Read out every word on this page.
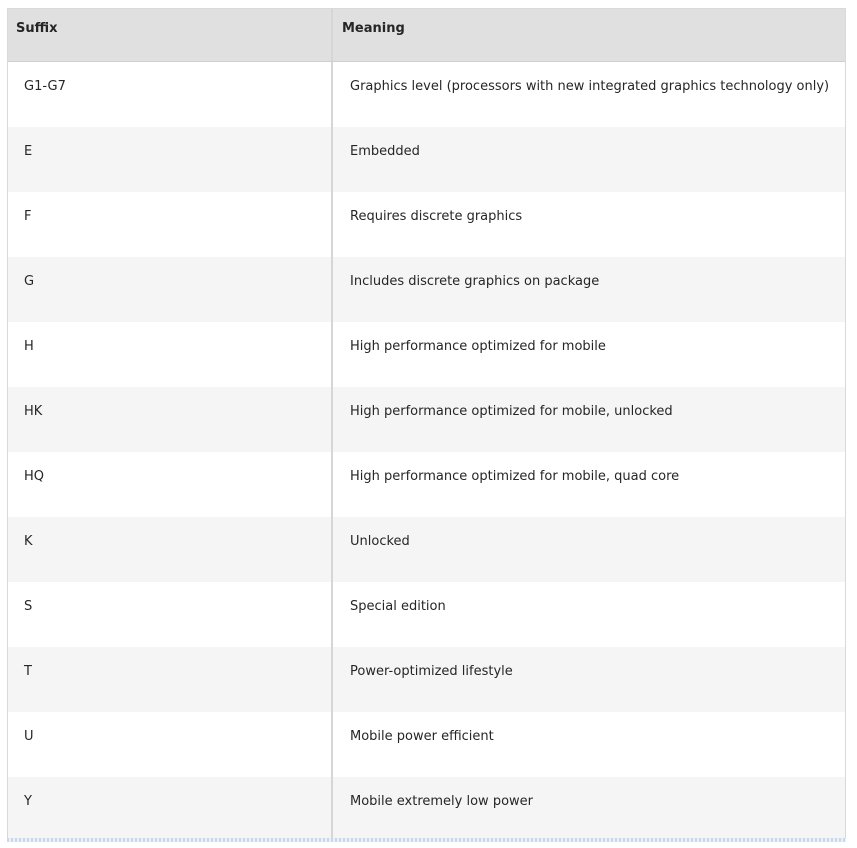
Suffix	Meaning
G1-G7	Graphics level (processors with new integrated graphics technology only)
E	Embedded
F	Requires discrete graphics
G	Includes discrete graphics on package
H	High performance optimized for mobile
HK	High performance optimized for mobile, unlocked
HQ	High performance optimized for mobile, quad core
K	Unlocked
S	Special edition
T	Power-optimized lifestyle
U	Mobile power efficient
Y	Mobile extremely low power
